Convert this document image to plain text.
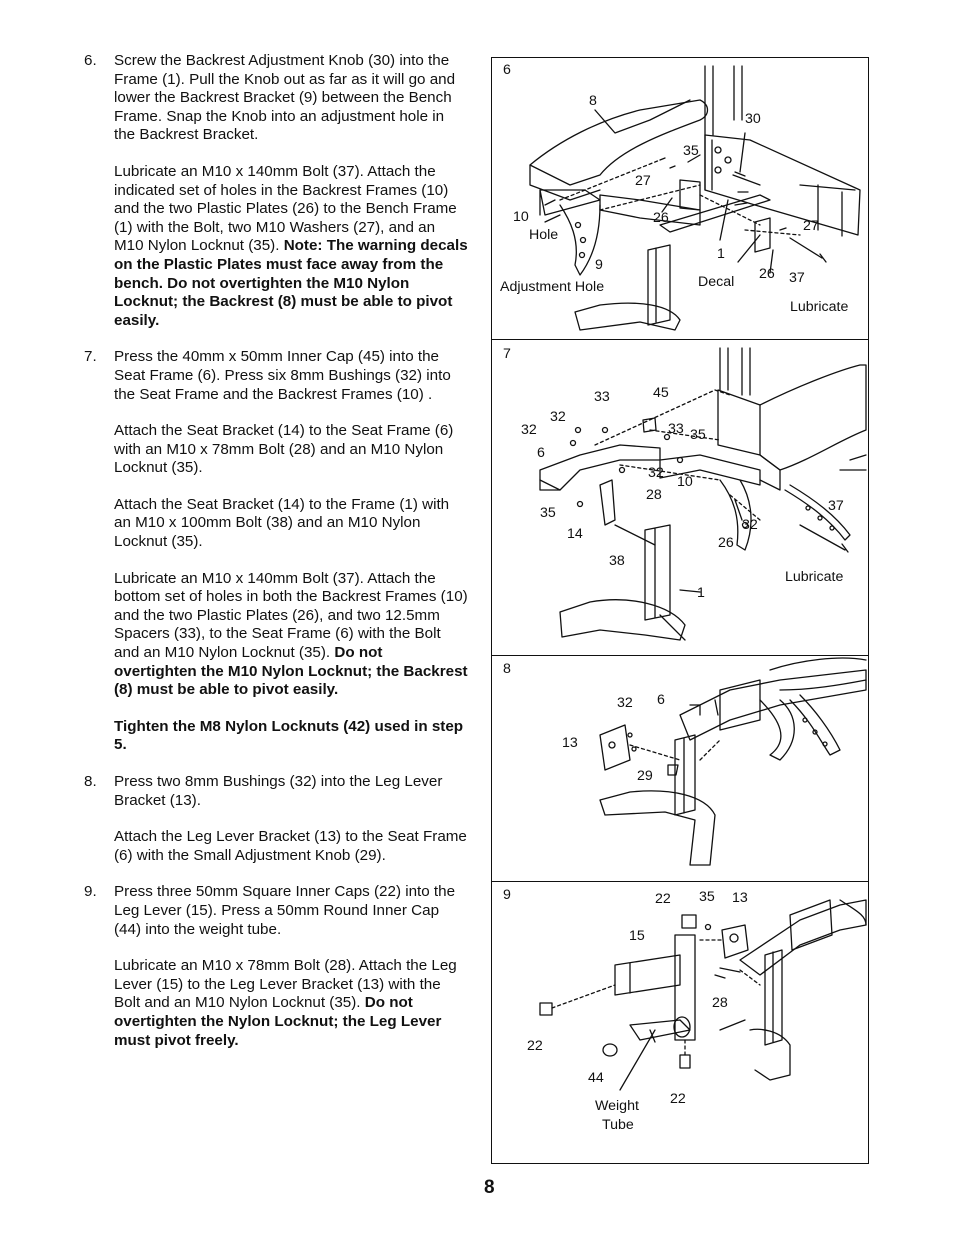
6. Screw the Backrest Adjustment Knob (30) into the Frame (1). Pull the Knob out as far as it will go and lower the Backrest Bracket (9) between the Bench Frame. Snap the Knob into an adjustment hole in the Backrest Bracket.

Lubricate an M10 x 140mm Bolt (37). Attach the indicated set of holes in the Backrest Frames (10) and the two Plastic Plates (26) to the Bench Frame (1) with the Bolt, two M10 Washers (27), and an M10 Nylon Locknut (35). Note: The warning decals on the Plastic Plates must face away from the bench. Do not overtighten the M10 Nylon Locknut; the Backrest (8) must be able to pivot easily.

7. Press the 40mm x 50mm Inner Cap (45) into the Seat Frame (6). Press six 8mm Bushings (32) into the Seat Frame and the Backrest Frames (10) .

Attach the Seat Bracket (14) to the Seat Frame (6) with an M10 x 78mm Bolt (28) and an M10 Nylon Locknut (35).

Attach the Seat Bracket (14) to the Frame (1) with an M10 x 100mm Bolt (38) and an M10 Nylon Locknut (35).

Lubricate an M10 x 140mm Bolt (37). Attach the bottom set of holes in both the Backrest Frames (10) and the two Plastic Plates (26), and two 12.5mm Spacers (33), to the Seat Frame (6) with the Bolt and an M10 Nylon Locknut (35). Do not overtighten the M10 Nylon Locknut; the Backrest (8) must be able to pivot easily.

Tighten the M8 Nylon Locknuts (42) used in step 5.

8. Press two 8mm Bushings (32) into the Leg Lever Bracket (13).

Attach the Leg Lever Bracket (13) to the Seat Frame (6) with the Small Adjustment Knob (29).

9. Press three 50mm Square Inner Caps (22) into the Leg Lever (15). Press a 50mm Round Inner Cap (44) into the weight tube.

Lubricate an M10 x 78mm Bolt (28). Attach the Leg Lever (15) to the Leg Lever Bracket (13) with the Bolt and an M10 Nylon Locknut (35). Do not overtighten the Nylon Locknut; the Leg Lever must pivot freely.

6
8
30
35
27
10
Hole
26
9
1
27
Adjustment Hole	Decal 26 37
Lubricate
7
33	45
32
32	33 35
6
32
10
28
35	37
14
32
26
38
1
Lubricate
8
32 6
13
29
9	22 35 13
15
28
22
44
Weight
Tube
22
8
